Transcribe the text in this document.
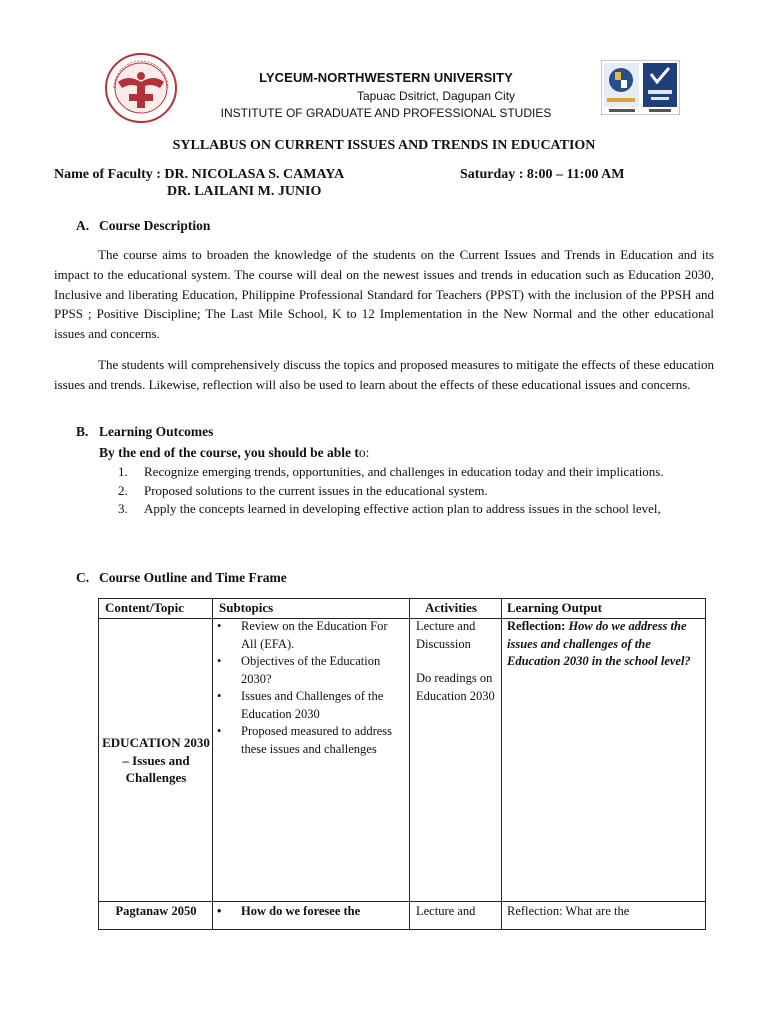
LYCEUM-NORTHWESTERN UNIVERSITY
Tapuac Dsitrict, Dagupan City
INSTITUTE OF GRADUATE AND PROFESSIONAL STUDIES
SYLLABUS ON CURRENT ISSUES AND TRENDS IN EDUCATION
Name of Faculty : DR. NICOLASA S. CAMAYA
DR. LAILANI M. JUNIO
Saturday : 8:00 – 11:00 AM
A. Course Description
The course aims to broaden the knowledge of the students on the Current Issues and Trends in Education and its impact to the educational system. The course will deal on the newest issues and trends in education such as Education 2030, Inclusive and liberating Education, Philippine Professional Standard for Teachers (PPST) with the inclusion of the PPSH and PPSS ; Positive Discipline; The Last Mile School, K to 12 Implementation in the New Normal and the other educational issues and concerns.
The students will comprehensively discuss the topics and proposed measures to mitigate the effects of these education issues and trends. Likewise, reflection will also be used to learn about the effects of these educational issues and concerns.
B. Learning Outcomes
By the end of the course, you should be able to:
1. Recognize emerging trends, opportunities, and challenges in education today and their implications.
2. Proposed solutions to the current issues in the educational system.
3. Apply the concepts learned in developing effective action plan to address issues in the school level,
C. Course Outline and Time Frame
Content/Topic	Subtopics	Activities Learning Output
EDUCATION 2030 – Issues and Challenges
• Review on the Education For All (EFA).
• Objectives of the Education 2030?
• Issues and Challenges of the Education 2030
• Proposed measured to address these issues and challenges
Lecture and Discussion
Do readings on Education 2030
Reflection: How do we address the issues and challenges of the Education 2030 in the school level?
Pagtanaw 2050
•	How do we foresee the	Lecture and	Reflection: What are the
